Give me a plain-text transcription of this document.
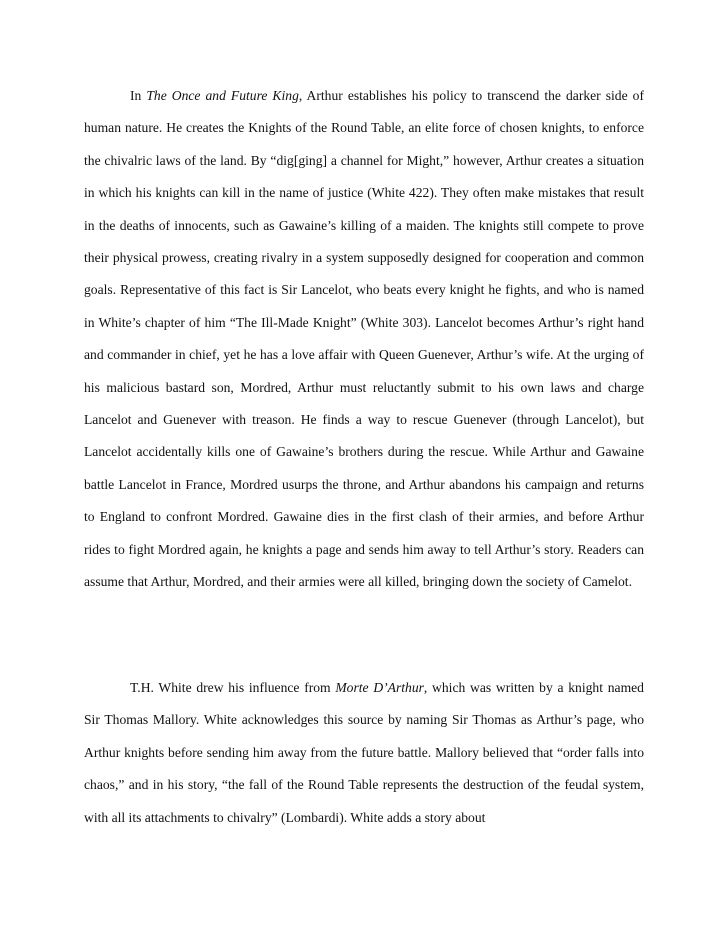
In The Once and Future King, Arthur establishes his policy to transcend the darker side of human nature. He creates the Knights of the Round Table, an elite force of chosen knights, to enforce the chivalric laws of the land. By “dig[ging] a channel for Might,” however, Arthur creates a situation in which his knights can kill in the name of justice (White 422). They often make mistakes that result in the deaths of innocents, such as Gawaine’s killing of a maiden. The knights still compete to prove their physical prowess, creating rivalry in a system supposedly designed for cooperation and common goals. Representative of this fact is Sir Lancelot, who beats every knight he fights, and who is named in White’s chapter of him “The Ill-Made Knight” (White 303). Lancelot becomes Arthur’s right hand and commander in chief, yet he has a love affair with Queen Guenever, Arthur’s wife. At the urging of his malicious bastard son, Mordred, Arthur must reluctantly submit to his own laws and charge Lancelot and Guenever with treason. He finds a way to rescue Guenever (through Lancelot), but Lancelot accidentally kills one of Gawaine’s brothers during the rescue. While Arthur and Gawaine battle Lancelot in France, Mordred usurps the throne, and Arthur abandons his campaign and returns to England to confront Mordred. Gawaine dies in the first clash of their armies, and before Arthur rides to fight Mordred again, he knights a page and sends him away to tell Arthur’s story. Readers can assume that Arthur, Mordred, and their armies were all killed, bringing down the society of Camelot.

T.H. White drew his influence from Morte D’Arthur, which was written by a knight named Sir Thomas Mallory. White acknowledges this source by naming Sir Thomas as Arthur’s page, who Arthur knights before sending him away from the future battle. Mallory believed that “order falls into chaos,” and in his story, “the fall of the Round Table represents the destruction of the feudal system, with all its attachments to chivalry” (Lombardi). White adds a story about
